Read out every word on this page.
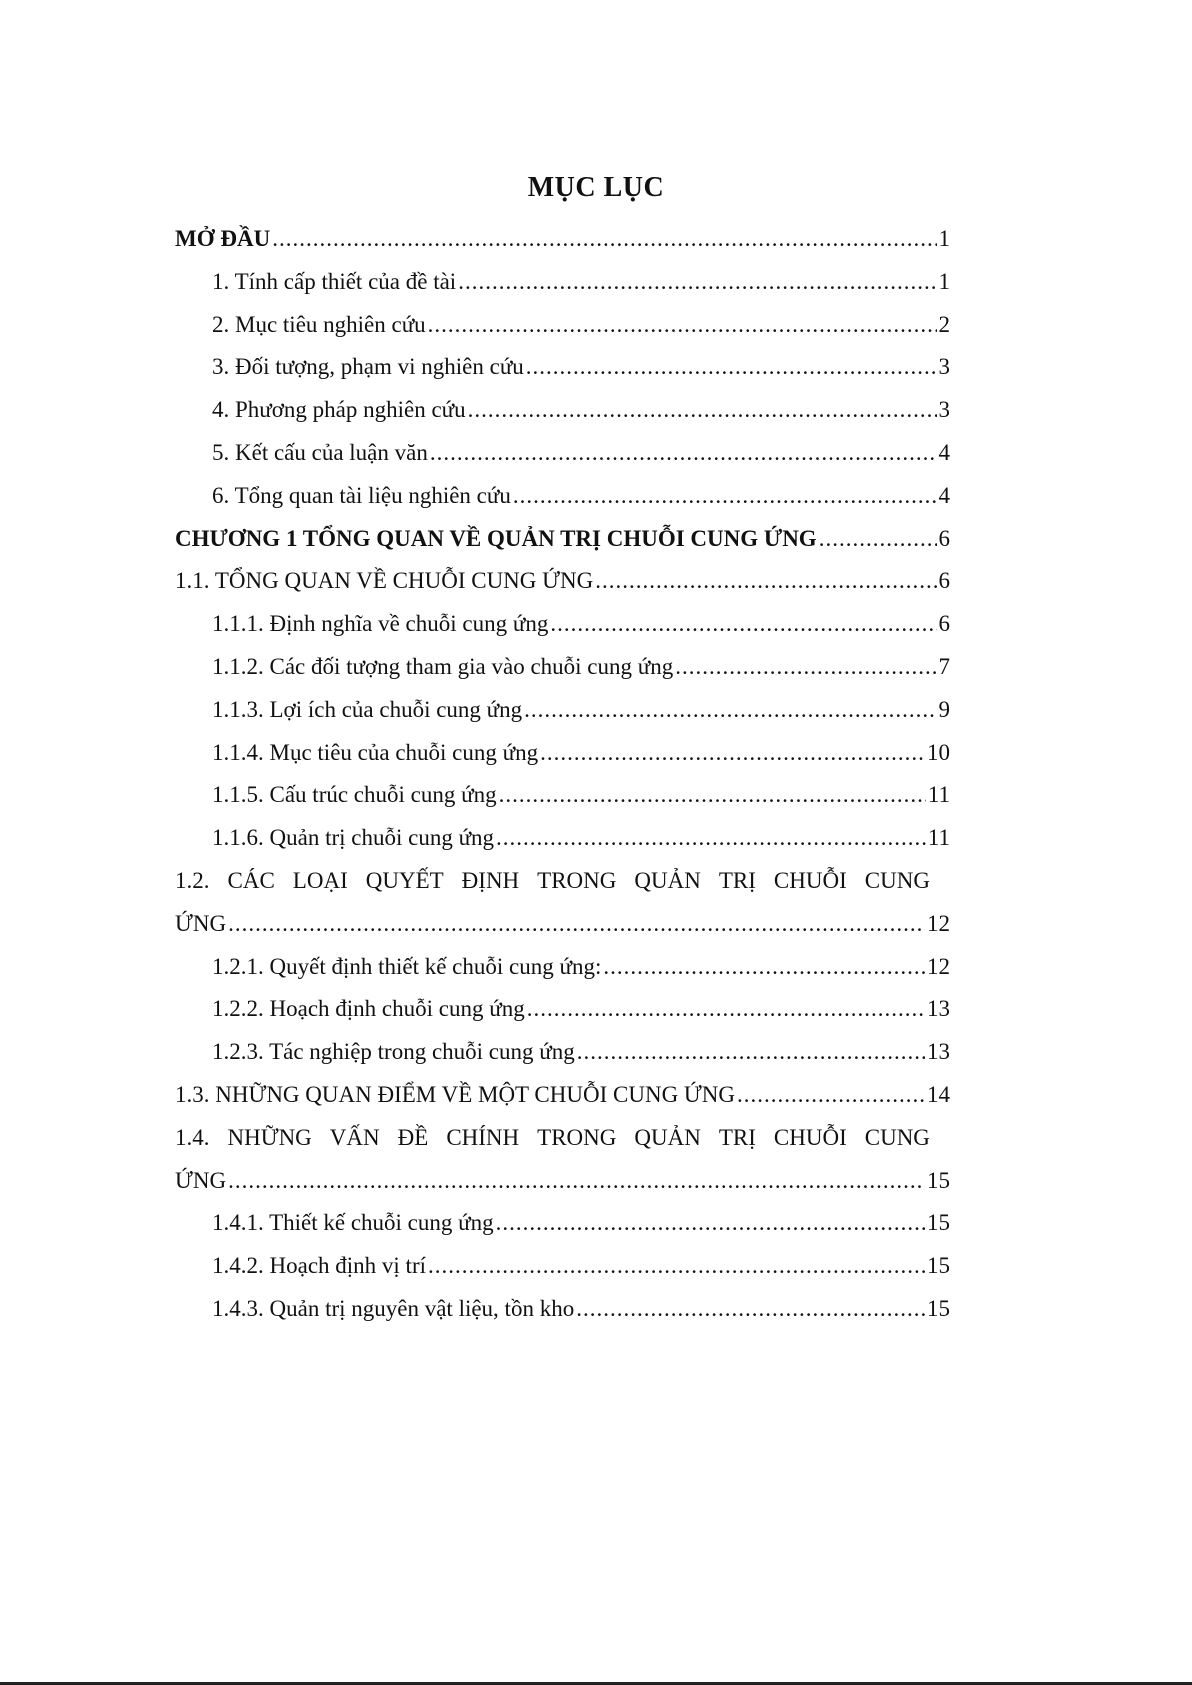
MỤC LỤC
MỞ ĐẦU .....	1
1. Tính cấp thiết của đề tài .....	1
2. Mục tiêu nghiên cứu .....	2
3. Đối tượng, phạm vi nghiên cứu .....	3
4. Phương pháp nghiên cứu .....	3
5. Kết cấu của luận văn .....	4
6. Tổng quan tài liệu nghiên cứu .....	4
CHƯƠNG 1 TỔNG QUAN VỀ QUẢN TRỊ CHUỖI CUNG ỨNG .....	6
1.1. TỔNG QUAN VỀ CHUỖI CUNG ỨNG .....	6
1.1.1. Định nghĩa về chuỗi cung ứng .....	6
1.1.2. Các đối tượng tham gia vào chuỗi cung ứng .....	7
1.1.3. Lợi ích của chuỗi cung ứng .....	9
1.1.4. Mục tiêu của chuỗi cung ứng .....	10
1.1.5. Cấu trúc chuỗi cung ứng .....	11
1.1.6. Quản trị chuỗi cung ứng .....	11
1.2. CÁC LOẠI QUYẾT ĐỊNH TRONG QUẢN TRỊ CHUỖI CUNG
ỨNG .....	12
1.2.1. Quyết định thiết kế chuỗi cung ứng: .....	12
1.2.2. Hoạch định chuỗi cung ứng .....	13
1.2.3. Tác nghiệp trong chuỗi cung ứng .....	13
1.3. NHỮNG QUAN ĐIỂM VỀ MỘT CHUỖI CUNG ỨNG .....	14
1.4. NHỮNG VẤN ĐỀ CHÍNH TRONG QUẢN TRỊ CHUỖI CUNG
ỨNG .....	15
1.4.1. Thiết kế chuỗi cung ứng .....	15
1.4.2. Hoạch định vị trí .....	15
1.4.3. Quản trị nguyên vật liệu, tồn kho .....	15
